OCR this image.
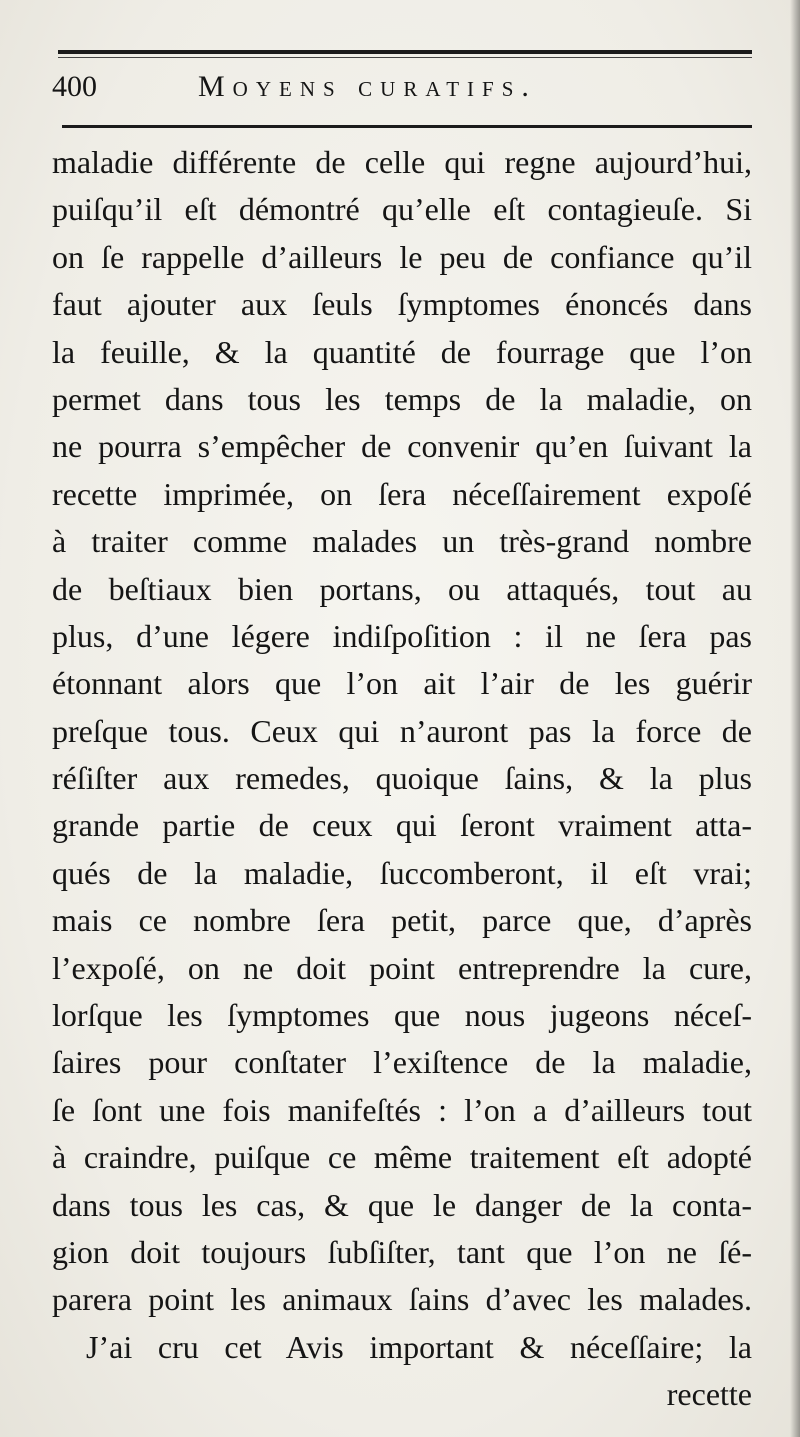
400	Moyens curatifs.
maladie différente de celle qui regne aujourd’hui,
puiſqu’il eſt démontré qu’elle eſt contagieuſe. Si
on ſe rappelle d’ailleurs le peu de confiance qu’il
faut ajouter aux ſeuls ſymptomes énoncés dans
la feuille, & la quantité de fourrage que l’on
permet dans tous les temps de la maladie, on
ne pourra s’empêcher de convenir qu’en ſuivant la
recette imprimée, on ſera néceſſairement expoſé
à traiter comme malades un très-grand nombre
de beſtiaux bien portans, ou attaqués, tout au
plus, d’une légere indiſpoſition : il ne ſera pas
étonnant alors que l’on ait l’air de les guérir
preſque tous. Ceux qui n’auront pas la force de
réſiſter aux remedes, quoique ſains, & la plus
grande partie de ceux qui ſeront vraiment atta-
qués de la maladie, ſuccomberont, il eſt vrai;
mais ce nombre ſera petit, parce que, d’après
l’expoſé, on ne doit point entreprendre la cure,
lorſque les ſymptomes que nous jugeons néceſ-
ſaires pour conſtater l’exiſtence de la maladie,
ſe ſont une fois manifeſtés : l’on a d’ailleurs tout
à craindre, puiſque ce même traitement eſt adopté
dans tous les cas, & que le danger de la conta-
gion doit toujours ſubſiſter, tant que l’on ne ſé-
parera point les animaux ſains d’avec les malades.
J’ai cru cet Avis important & néceſſaire; la
recette
